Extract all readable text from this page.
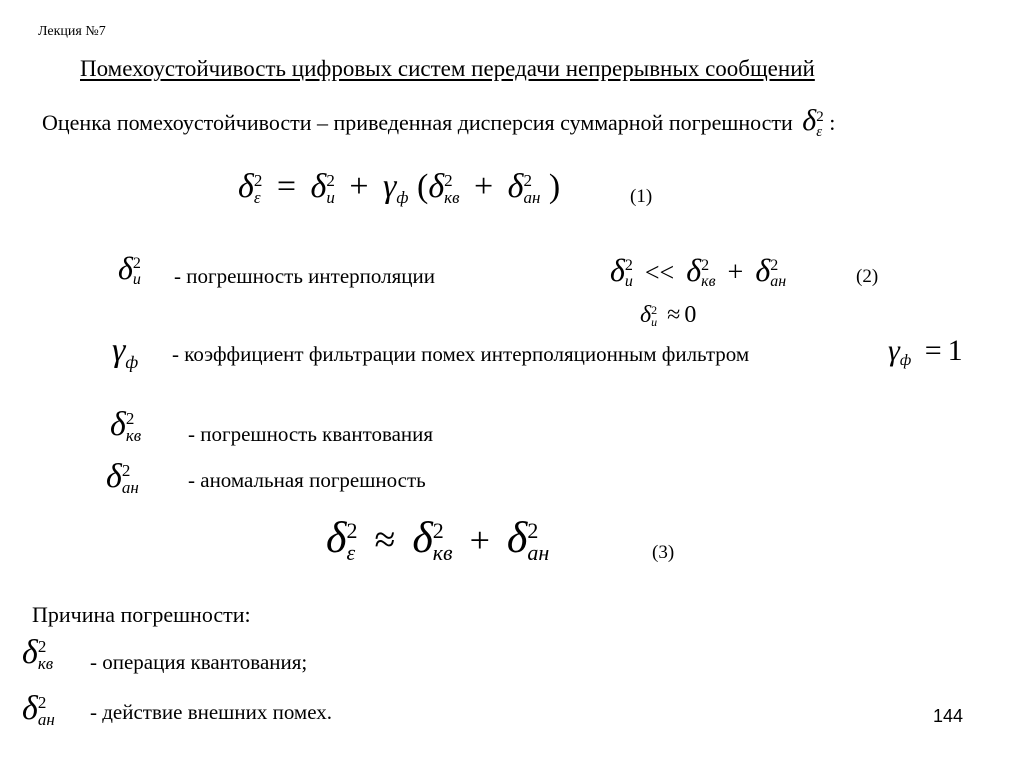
Лекция №7
Помехоустойчивость цифровых систем передачи непрерывных сообщений
Оценка помехоустойчивости – приведенная дисперсия суммарной погрешности δ 2
ε :
δ 2
ε = δ 2
и + γ
ф (δ 2
кв + δ 2
ан )	(1)
δ 2
и - погрешность интерполяции	δ 2
и << δ 2
кв + δ 2
ан	(2)
δ 2
и ≈ 0
γ
ф - коэффициент фильтрации помех интерполяционным фильтром	γ
ф = 1
δ 2
кв - погрешность квантования
δ 2
ан - аномальная погрешность
δ 2
ε ≈ δ 2
кв + δ 2
ан	(3)
Причина погрешности:
δ 2
кв - операция квантования;
δ 2
ан - действие внешних помех.	144
